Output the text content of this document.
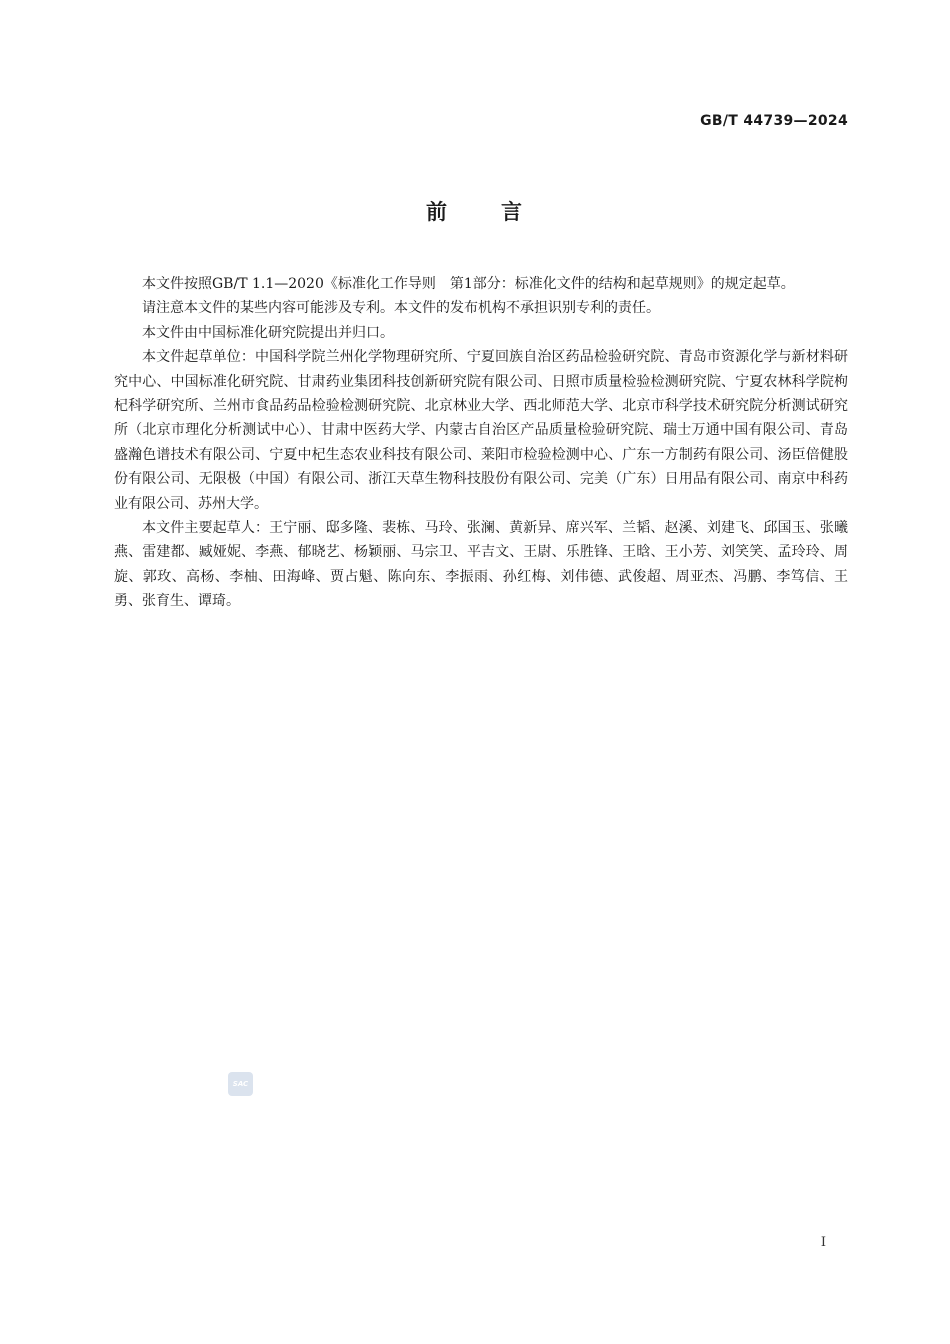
GB/T 44739—2024
前 言

本文件按照GB/T 1.1—2020《标准化工作导则　第1部分：标准化文件的结构和起草规则》的规定起草。

请注意本文件的某些内容可能涉及专利。本文件的发布机构不承担识别专利的责任。

本文件由中国标准化研究院提出并归口。

本文件起草单位：中国科学院兰州化学物理研究所、宁夏回族自治区药品检验研究院、青岛市资源化学与新材料研究中心、中国标准化研究院、甘肃药业集团科技创新研究院有限公司、日照市质量检验检测研究院、宁夏农林科学院枸杞科学研究所、兰州市食品药品检验检测研究院、北京林业大学、西北师范大学、北京市科学技术研究院分析测试研究所（北京市理化分析测试中心）、甘肃中医药大学、内蒙古自治区产品质量检验研究院、瑞士万通中国有限公司、青岛盛瀚色谱技术有限公司、宁夏中杞生态农业科技有限公司、莱阳市检验检测中心、广东一方制药有限公司、汤臣倍健股份有限公司、无限极（中国）有限公司、浙江天草生物科技股份有限公司、完美（广东）日用品有限公司、南京中科药业有限公司、苏州大学。

本文件主要起草人：王宁丽、邸多隆、裴栋、马玲、张澜、黄新异、席兴军、兰韬、赵溪、刘建飞、邱国玉、张曦燕、雷建都、臧娅妮、李燕、郁晓艺、杨颖丽、马宗卫、平吉文、王尉、乐胜锋、王晗、王小芳、刘笑笑、孟玲玲、周旋、郭玫、高杨、李柚、田海峰、贾占魁、陈向东、李振雨、孙红梅、刘伟德、武俊超、周亚杰、冯鹏、李笃信、王勇、张育生、谭琦。

SAC
I
